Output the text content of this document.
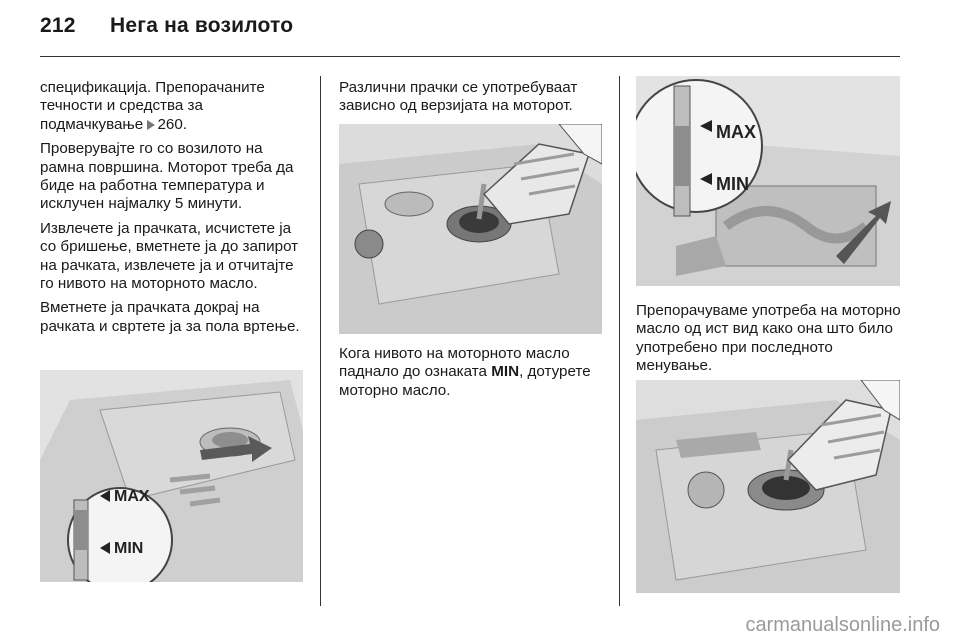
212 Нега на возилото

спецификација. Препорачаните течности и средства за подмачкување 260.

Проверувајте го со возилото на рамна површина. Моторот треба да биде на работна температура и исклучен најмалку 5 минути.

Извлечете ја прачката, исчистете ја со бришење, вметнете ја до запирот на рачката, извлечете ја и отчитајте го нивото на моторното масло.

Вметнете ја прачката докрај на рачката и свртете ја за пола вртење.

MAX
MIN

Различни прачки се употребуваат зависно од верзијата на моторот.

Кога нивото на моторното масло паднало до ознаката MIN, дотурете моторно масло.

MAX
MIN

Препорачуваме употреба на моторно масло од ист вид како она што било употребено при последното менување.

carmanualsonline.info
